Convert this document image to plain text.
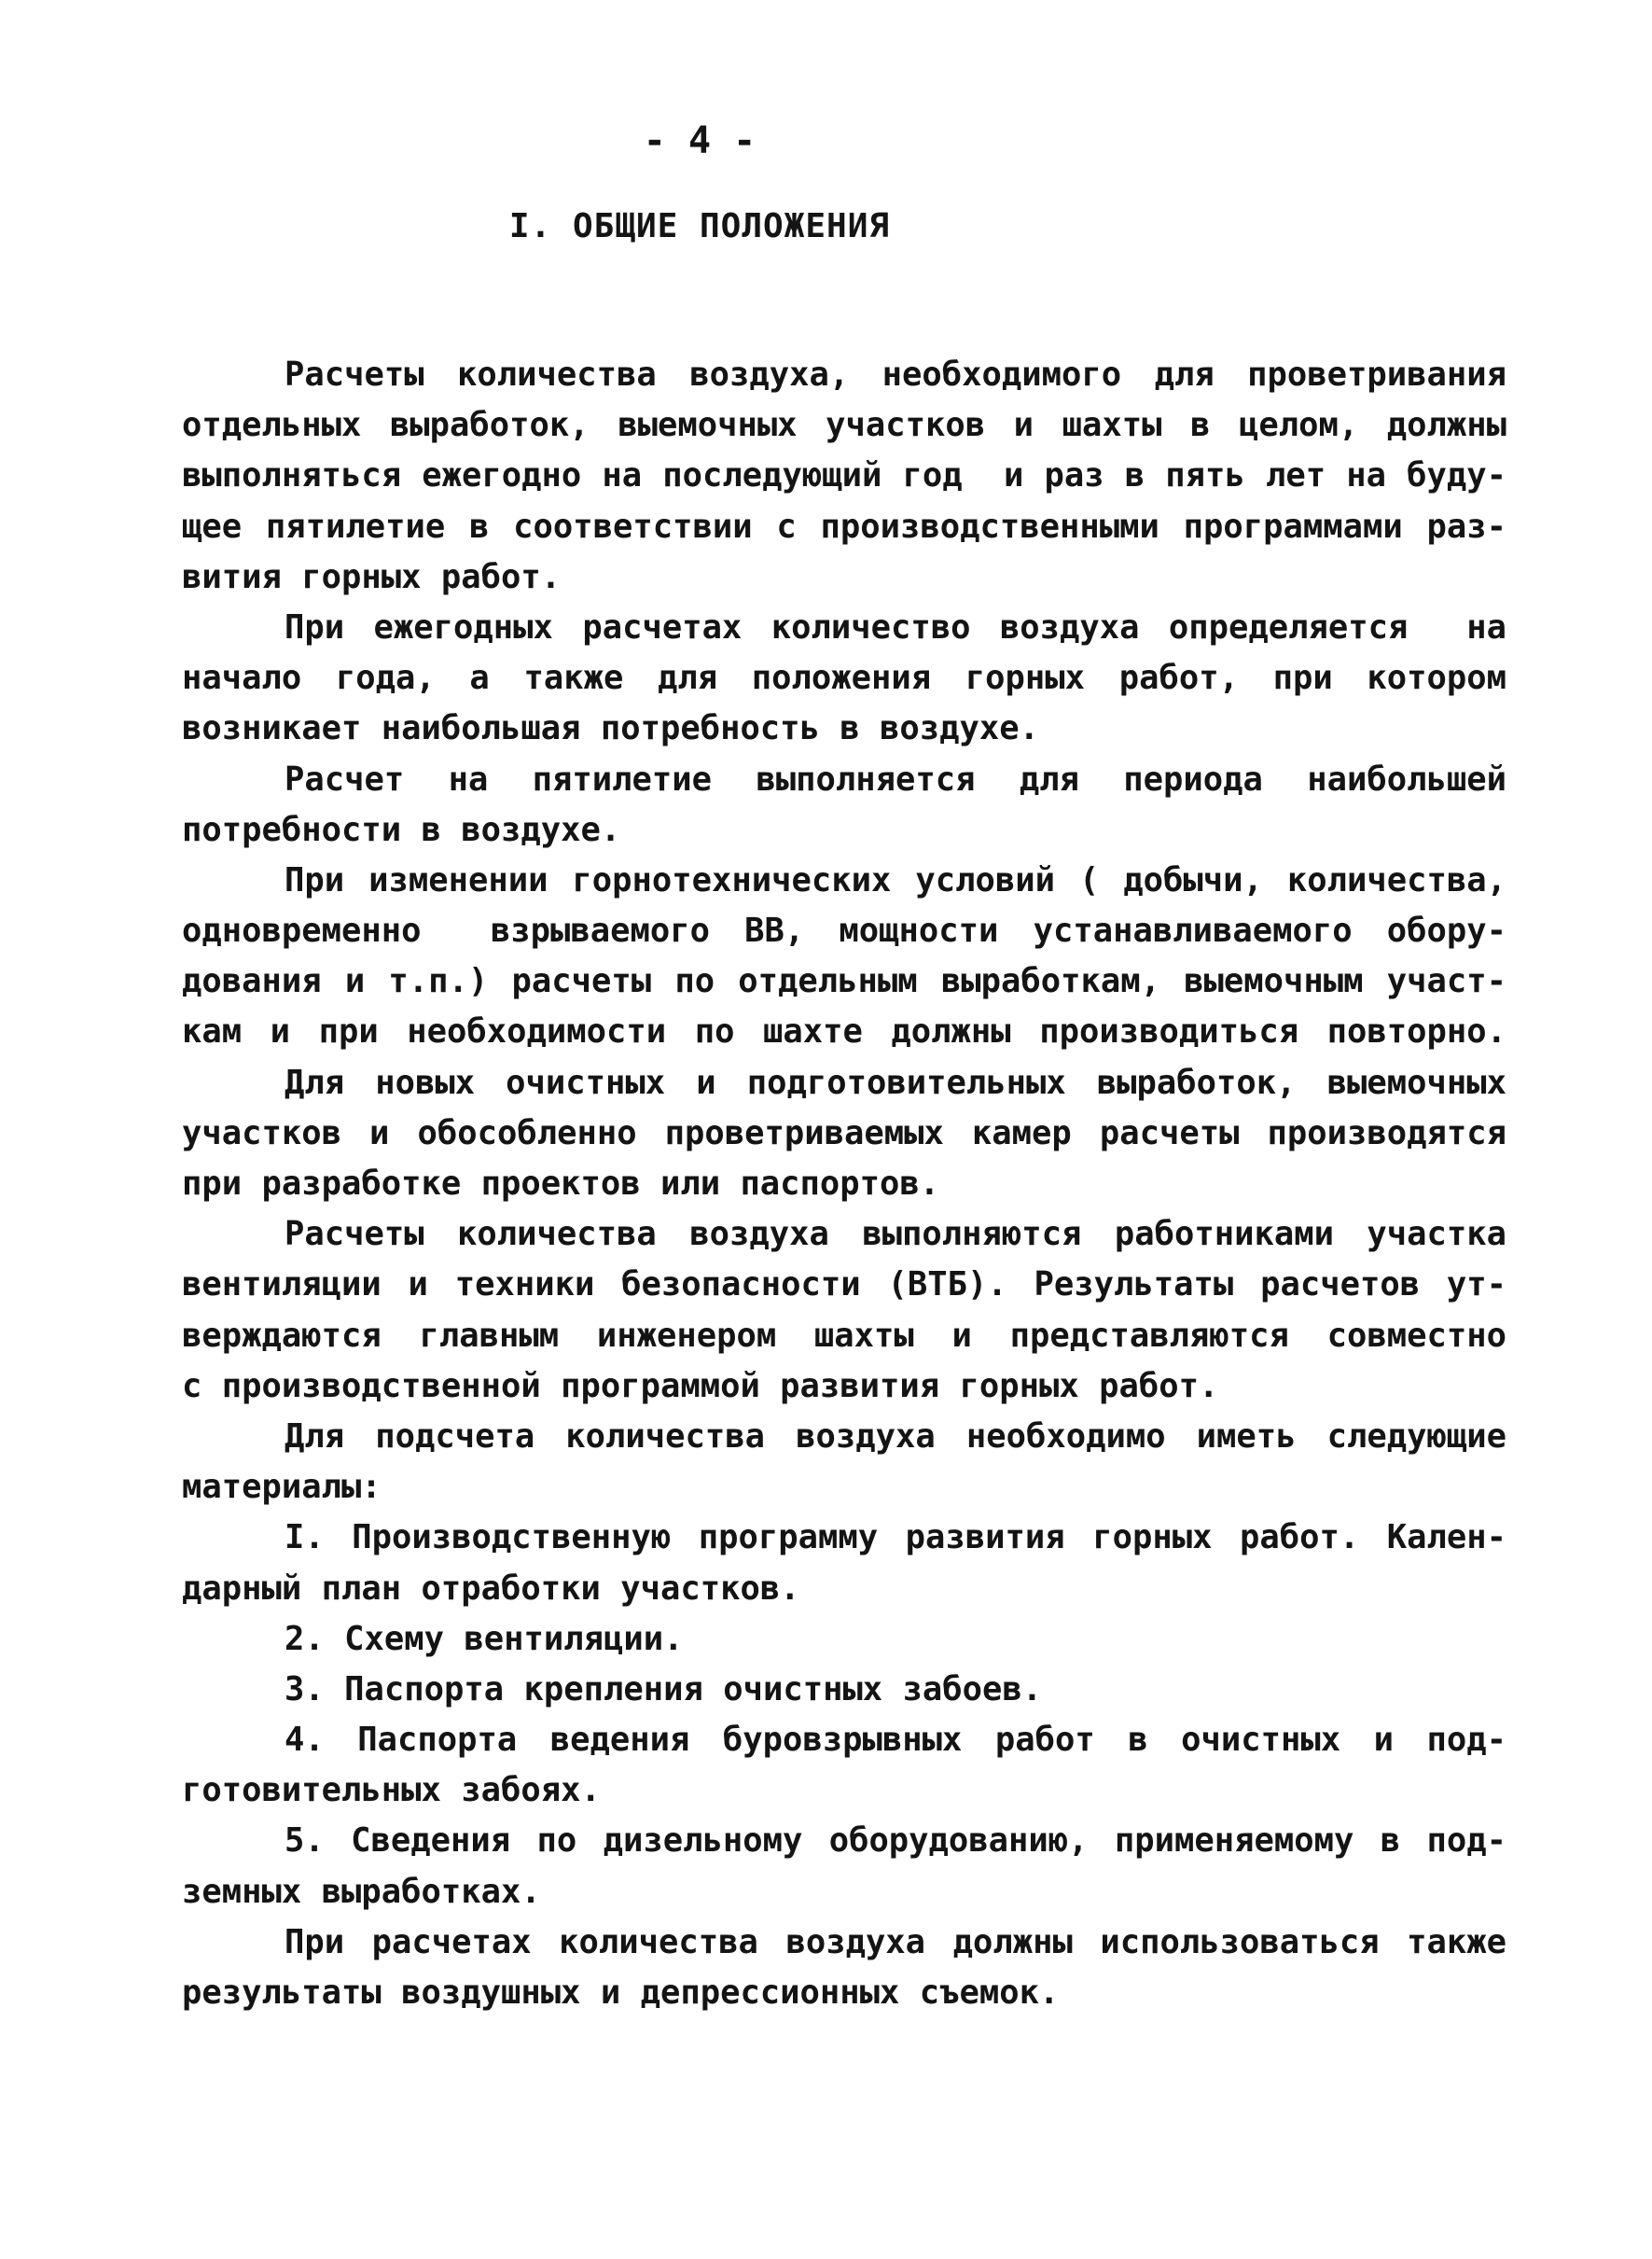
- 4 -
I. ОБЩИЕ ПОЛОЖЕНИЯ
Расчеты количества воздуха, необходимого для проветривания
отдельных выработок, выемочных участков и шахты в целом, должны
выполняться ежегодно на последующий год  и раз в пять лет на буду-
щее пятилетие в соответствии с производственными программами раз-
вития горных работ.
При ежегодных расчетах количество воздуха определяется  на
начало года, а также для положения горных работ, при котором
возникает наибольшая потребность в воздухе.
Расчет на пятилетие выполняется для периода наибольшей
потребности в воздухе.
При изменении горнотехнических условий ( добычи, количества,
одновременно  взрываемого ВВ, мощности устанавливаемого обору-
дования и т.п.) расчеты по отдельным выработкам, выемочным участ-
кам и при необходимости по шахте должны производиться повторно.
Для новых очистных и подготовительных выработок, выемочных
участков и обособленно проветриваемых камер расчеты производятся
при разработке проектов или паспортов.
Расчеты количества воздуха выполняются работниками участка
вентиляции и техники безопасности (ВТБ). Результаты расчетов ут-
верждаются главным инженером шахты и представляются совместно
с производственной программой развития горных работ.
Для подсчета количества воздуха необходимо иметь следующие
материалы:
I. Производственную программу развития горных работ. Кален-
дарный план отработки участков.
2. Схему вентиляции.
3. Паспорта крепления очистных забоев.
4. Паспорта ведения буровзрывных работ в очистных и под-
готовительных забоях.
5. Сведения по дизельному оборудованию, применяемому в под-
земных выработках.
При расчетах количества воздуха должны использоваться также
результаты воздушных и депрессионных съемок.
